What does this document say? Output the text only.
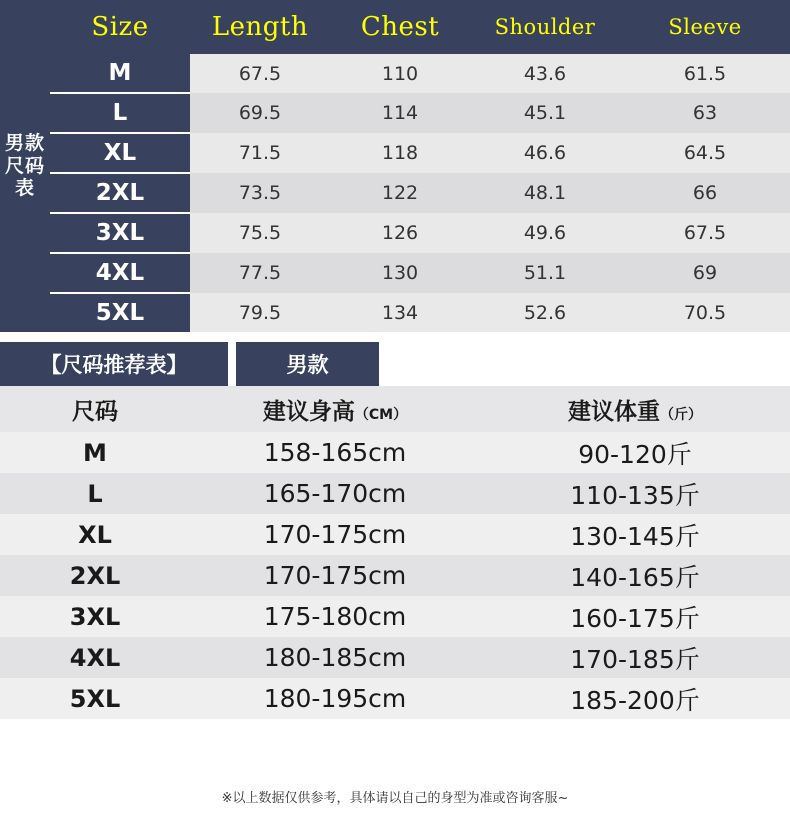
男款尺码表	Size	Length	Chest	Shoulder	Sleeve
	M	67.5	110	43.6	61.5
	L	69.5	114	45.1	63
	XL	71.5	118	46.6	64.5
	2XL	73.5	122	48.1	66
	3XL	75.5	126	49.6	67.5
	4XL	77.5	130	51.1	69
	5XL	79.5	134	52.6	70.5
【尺码推荐表】	男款
尺码	建议身高（CM）	建议体重（斤）
M	158-165cm	90-120斤
L	165-170cm	110-135斤
XL	170-175cm	130-145斤
2XL	170-175cm	140-165斤
3XL	175-180cm	160-175斤
4XL	180-185cm	170-185斤
5XL	180-195cm	185-200斤
※以上数据仅供参考，具体请以自己的身型为准或咨询客服~
